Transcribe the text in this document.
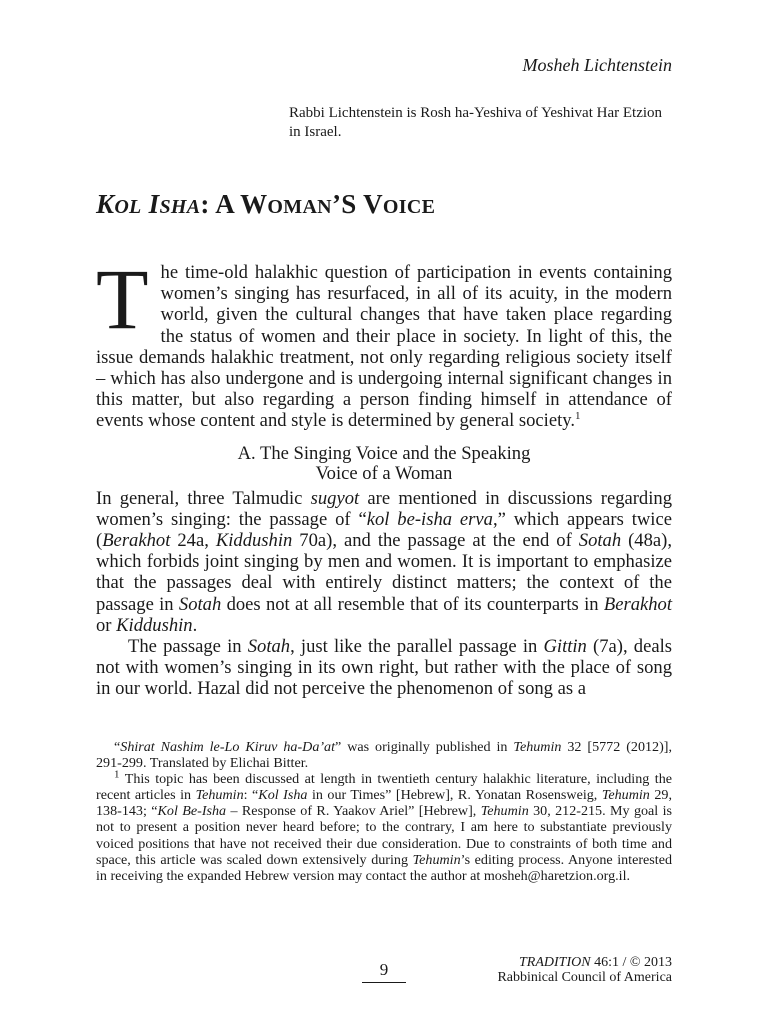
Mosheh Lichtenstein
Rabbi Lichtenstein is Rosh ha-Yeshiva of Yeshivat Har Etzion in Israel.
KOL ISHA: A WOMAN’S VOICE

The time-old halakhic question of participation in events containing women’s singing has resurfaced, in all of its acuity, in the modern world, given the cultural changes that have taken place regarding the status of women and their place in society. In light of this, the issue demands halakhic treatment, not only regarding religious society itself – which has also undergone and is undergoing internal significant changes in this matter, but also regarding a person finding himself in attendance of events whose content and style is determined by general society.$^1$

A. The Singing Voice and the Speaking
Voice of a Woman

In general, three Talmudic sugyot are mentioned in discussions regarding women’s singing: the passage of “kol be-isha erva,” which appears twice (Berakhot 24a, Kiddushin 70a), and the passage at the end of Sotah (48a), which forbids joint singing by men and women. It is important to emphasize that the passages deal with entirely distinct matters; the context of the passage in Sotah does not at all resemble that of its counterparts in Berakhot or Kiddushin.

The passage in Sotah, just like the parallel passage in Gittin (7a), deals not with women’s singing in its own right, but rather with the place of song in our world. Hazal did not perceive the phenomenon of song as a

“Shirat Nashim le-Lo Kiruv ha-Da’at” was originally published in Tehumin 32 [5772 (2012)], 291-299. Translated by Elichai Bitter.

$^1$ This topic has been discussed at length in twentieth century halakhic literature, including the recent articles in Tehumin: “Kol Isha in our Times” [Hebrew], R. Yonatan Rosensweig, Tehumin 29, 138-143; “Kol Be-Isha – Response of R. Yaakov Ariel” [Hebrew], Tehumin 30, 212-215. My goal is not to present a position never heard before; to the contrary, I am here to substantiate previously voiced positions that have not received their due consideration. Due to constraints of both time and space, this article was scaled down extensively during Tehumin’s editing process. Anyone interested in receiving the expanded Hebrew version may contact the author at mosheh@haretzion.org.il.

9	TRADITION 46:1 / © 2013
Rabbinical Council of America
